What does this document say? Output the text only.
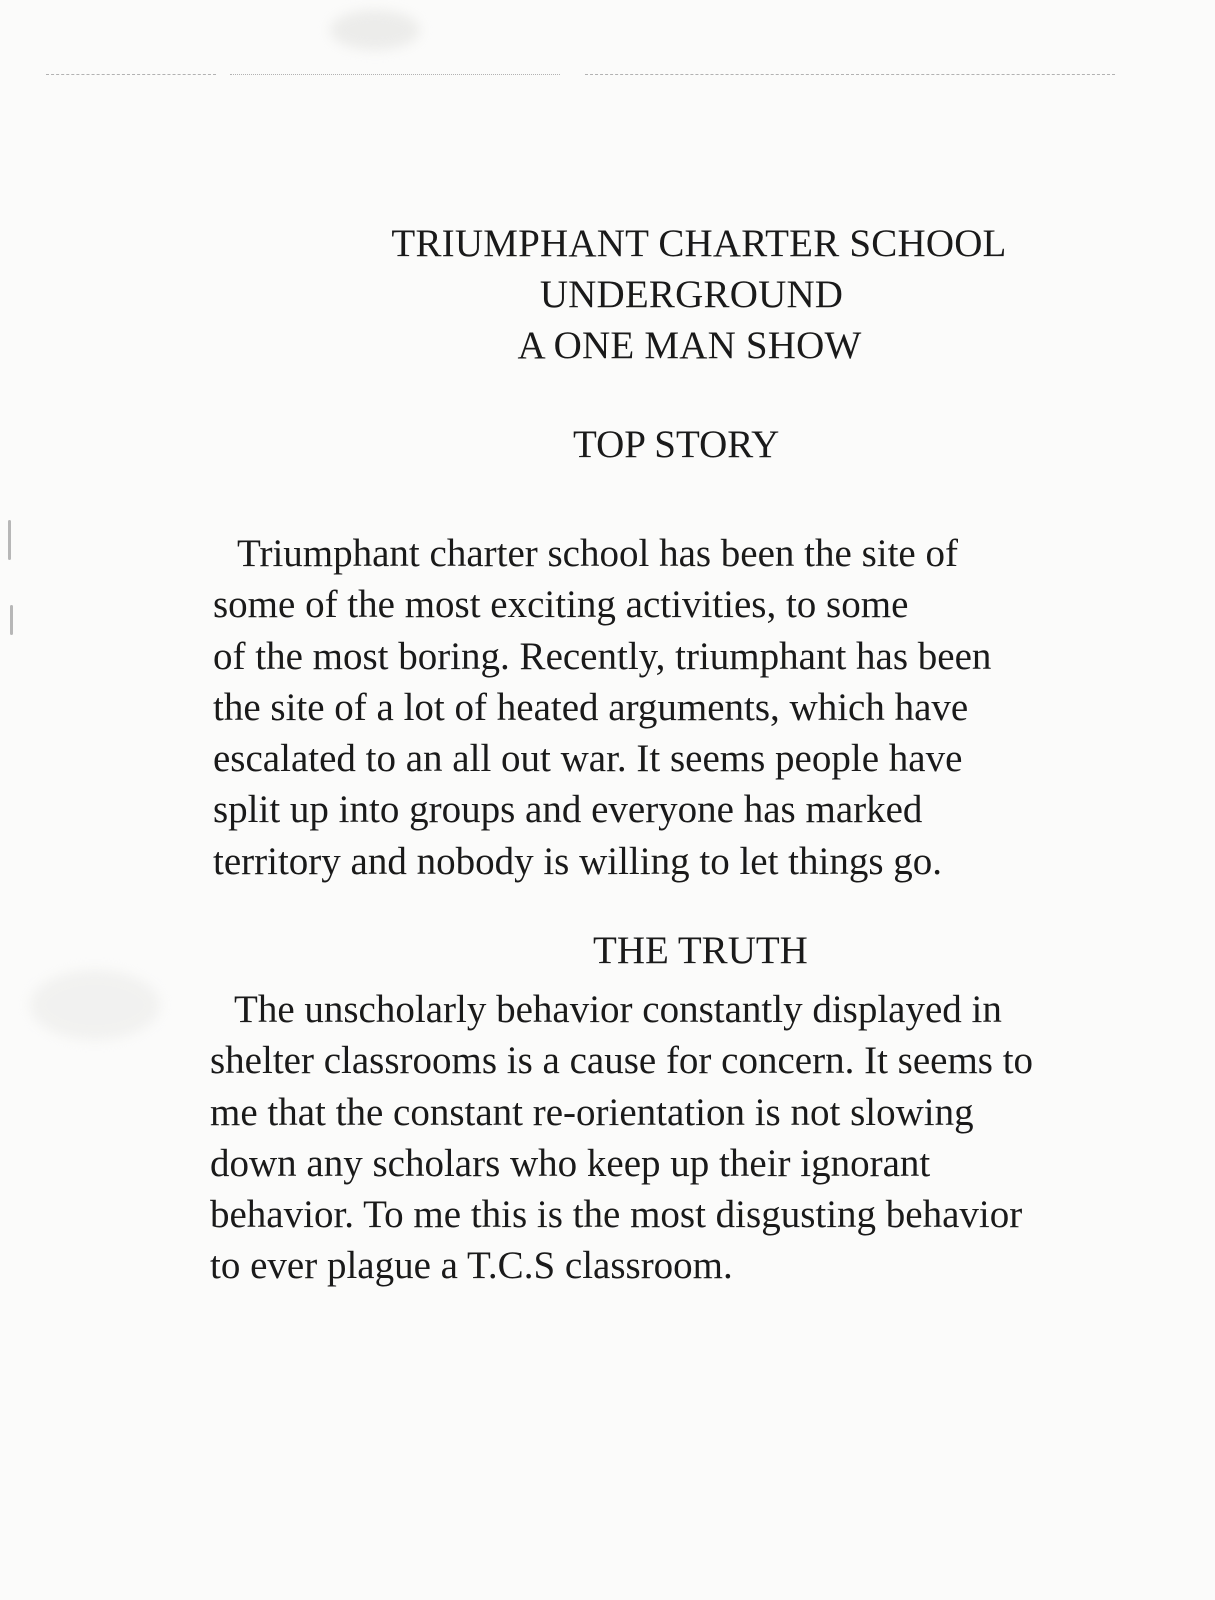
TRIUMPHANT CHARTER SCHOOL
UNDERGROUND
A ONE MAN SHOW
TOP STORY

Triumphant charter school has been the site of
some of the most exciting activities, to some
of the most boring. Recently, triumphant has been
the site of a lot of heated arguments, which have
escalated to an all out war. It seems people have
split up into groups and everyone has marked
territory and nobody is willing to let things go.

THE TRUTH

The unscholarly behavior constantly displayed in
shelter classrooms is a cause for concern. It seems to
me that the constant re-orientation is not slowing
down any scholars who keep up their ignorant
behavior. To me this is the most disgusting behavior
to ever plague a T.C.S classroom.
